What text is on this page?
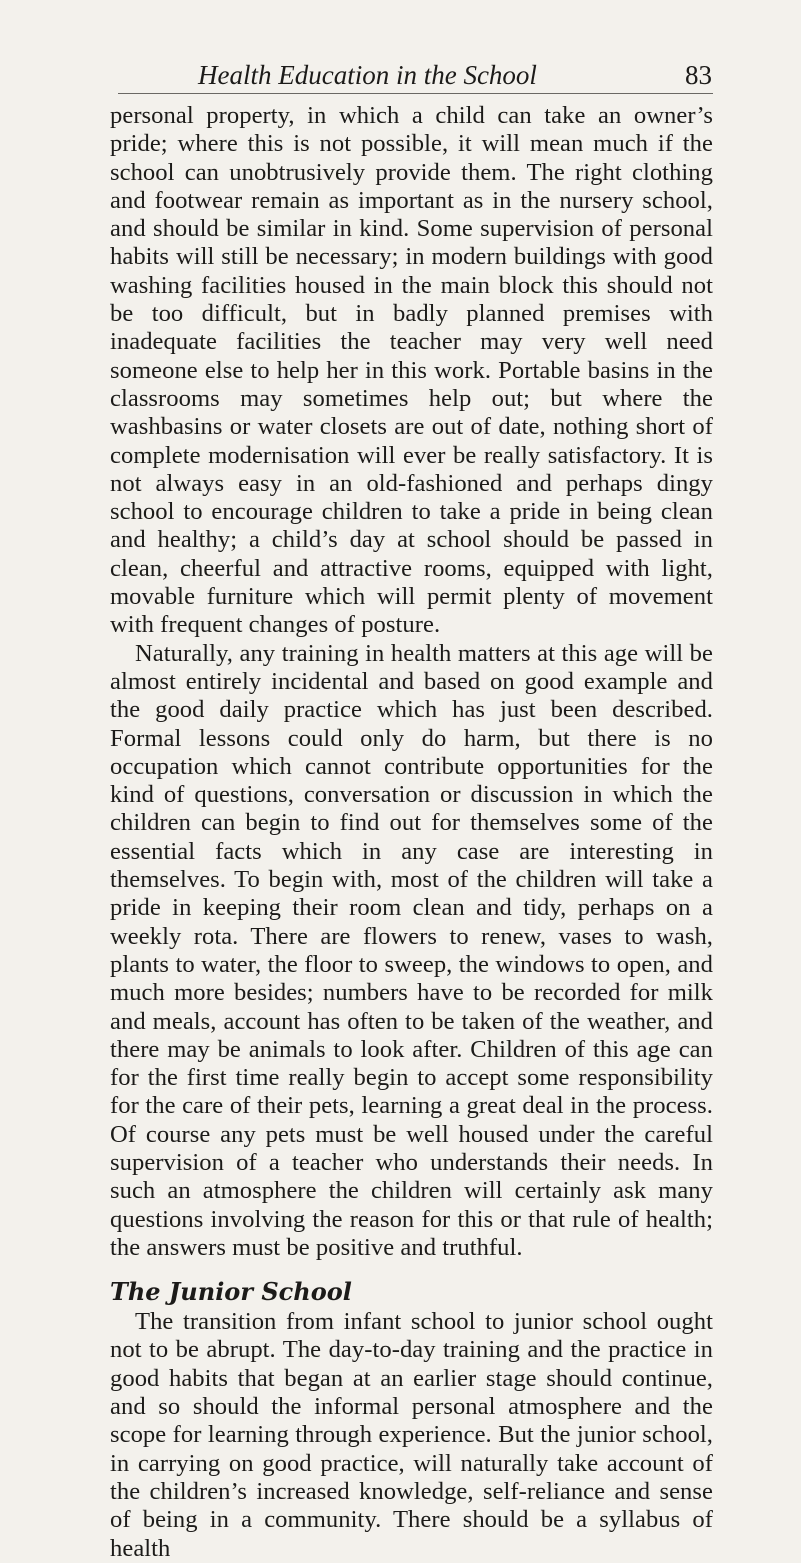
Health Education in the School	83

personal property, in which a child can take an owner’s pride; where this is not possible, it will mean much if the school can unobtrusively provide them. The right clothing and footwear remain as important as in the nursery school, and should be similar in kind. Some supervision of personal habits will still be necessary; in modern buildings with good washing facilities housed in the main block this should not be too difficult, but in badly planned premises with inadequate facilities the teacher may very well need someone else to help her in this work. Portable basins in the classrooms may sometimes help out; but where the washbasins or water closets are out of date, nothing short of complete modernisation will ever be really satisfactory. It is not always easy in an old-fashioned and perhaps dingy school to encourage children to take a pride in being clean and healthy; a child’s day at school should be passed in clean, cheerful and attractive rooms, equipped with light, movable furniture which will permit plenty of movement with frequent changes of posture.

Naturally, any training in health matters at this age will be almost entirely incidental and based on good example and the good daily practice which has just been described. Formal lessons could only do harm, but there is no occupation which cannot contribute opportunities for the kind of questions, conversation or discussion in which the children can begin to find out for themselves some of the essential facts which in any case are interesting in themselves. To begin with, most of the children will take a pride in keeping their room clean and tidy, perhaps on a weekly rota. There are flowers to renew, vases to wash, plants to water, the floor to sweep, the windows to open, and much more besides; numbers have to be recorded for milk and meals, account has often to be taken of the weather, and there may be animals to look after. Children of this age can for the first time really begin to accept some responsibility for the care of their pets, learning a great deal in the process. Of course any pets must be well housed under the careful supervision of a teacher who understands their needs. In such an atmosphere the children will certainly ask many questions involving the reason for this or that rule of health; the answers must be positive and truthful.

The Junior School

The transition from infant school to junior school ought not to be abrupt. The day-to-day training and the practice in good habits that began at an earlier stage should continue, and so should the informal personal atmosphere and the scope for learning through experience. But the junior school, in carrying on good practice, will naturally take account of the children’s increased knowledge, self-reliance and sense of being in a community. There should be a syllabus of health
